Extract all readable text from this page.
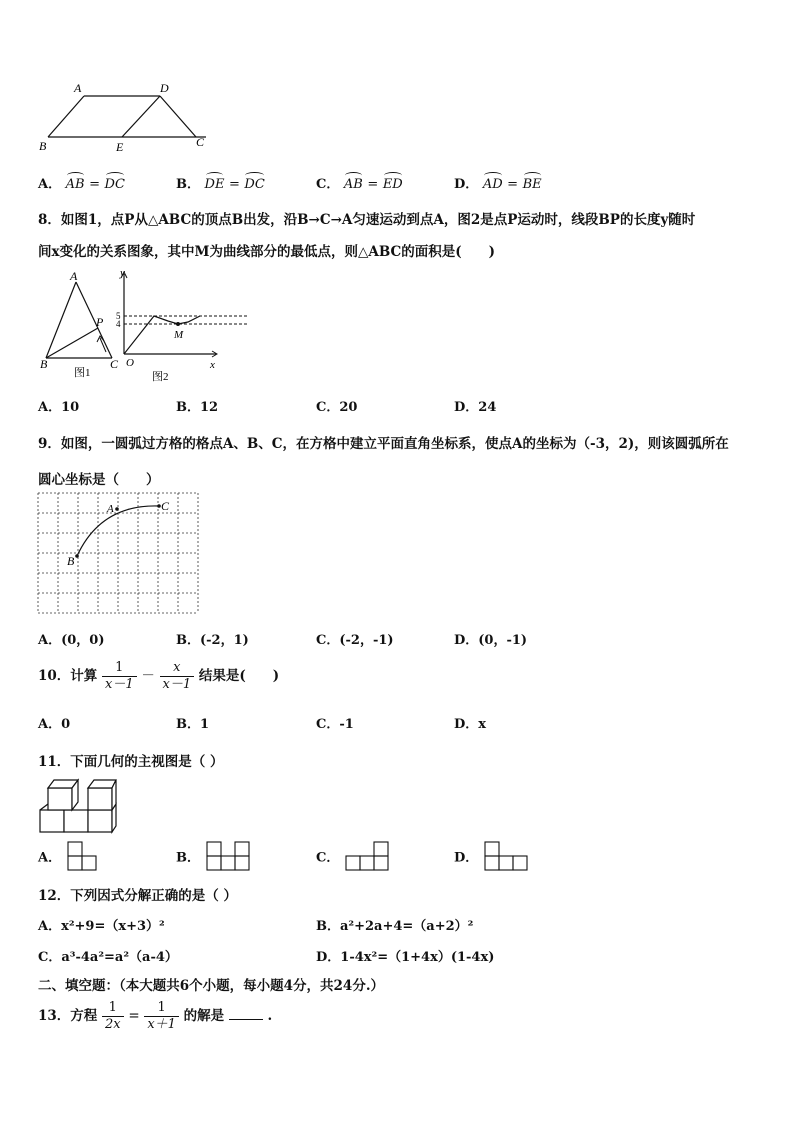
A	D
B	E	C
A． AB = DC	B． DE = DC	C． AB = ED	D． AD = BE
8．如图1，点P从△ABC的顶点B出发，沿B→C→A匀速运动到点A，图2是点P运动时，线段BP的长度y随时
间x变化的关系图象，其中M为曲线部分的最低点，则△ABC的面积是(　　)
A
P
B	C
图1
y
x
O
M
5
4
图2
A．10	B．12	C．20	D．24
9．如图，一圆弧过方格的格点A、B、C，在方格中建立平面直角坐标系，使点A的坐标为（-3，2)，则该圆弧所在
圆心坐标是（　　）
A	C
B
A．(0，0)	B．(-2，1)	C．(-2，-1)	D．(0，-1)
10．计算 $\frac{1}{x-1} - \frac{x}{x-1}$ 结果是(　　)
A．0	B．1	C．-1	D．x
11．下面几何的主视图是（ ）
A．	B．	C．	D．
12．下列因式分解正确的是（ ）
A．x²+9=（x+3）²	B．a²+2a+4=（a+2）²
C．a³-4a²=a²（a-4）	D．1-4x²=（1+4x）(1-4x)
二、填空题：（本大题共6个小题，每小题4分，共24分.）
13．方程 $\frac{1}{2x} = \frac{1}{x+1}$ 的解是	.
